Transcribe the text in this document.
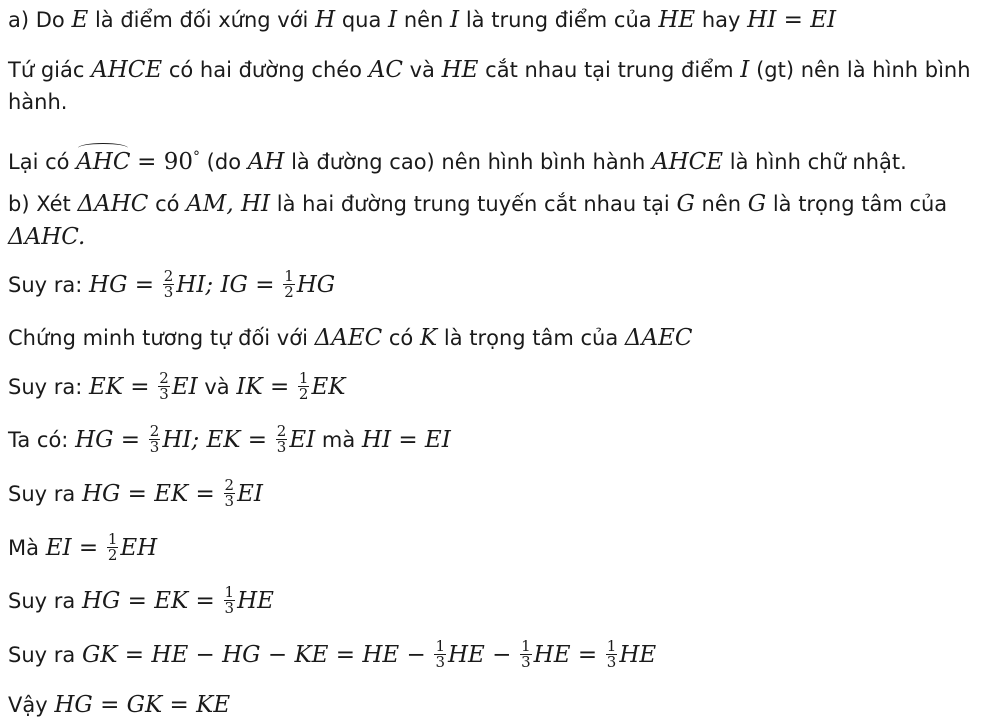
a) Do E là điểm đối xứng với H qua I nên I là trung điểm của HE hay HI = EI
Tứ giác AHCE có hai đường chéo AC và HE cắt nhau tại trung điểm I (gt) nên là hình bình
hành.
Lại có AHC = 90° (do AH là đường cao) nên hình bình hành AHCE là hình chữ nhật.
b) Xét ΔAHC có AM, HI là hai đường trung tuyến cắt nhau tại G nên G là trọng tâm của
ΔAHC.
Suy ra: HG = $\frac{2}{3}$ HI; IG = $\frac{1}{2}$ HG
Chứng minh tương tự đối với ΔAEC có K là trọng tâm của ΔAEC
Suy ra: EK = $\frac{2}{3}$ EI và IK = $\frac{1}{2}$ EK
Ta có: HG = $\frac{2}{3}$ HI; EK = $\frac{2}{3}$ EI mà HI = EI
Suy ra HG = EK = $\frac{2}{3}$ EI
Mà EI = $\frac{1}{2}$ EH
Suy ra HG = EK = $\frac{1}{3}$ HE
Suy ra GK = HE − HG − KE = HE − $\frac{1}{3}$ HE − $\frac{1}{3}$ HE = $\frac{1}{3}$ HE
Vậy HG = GK = KE
